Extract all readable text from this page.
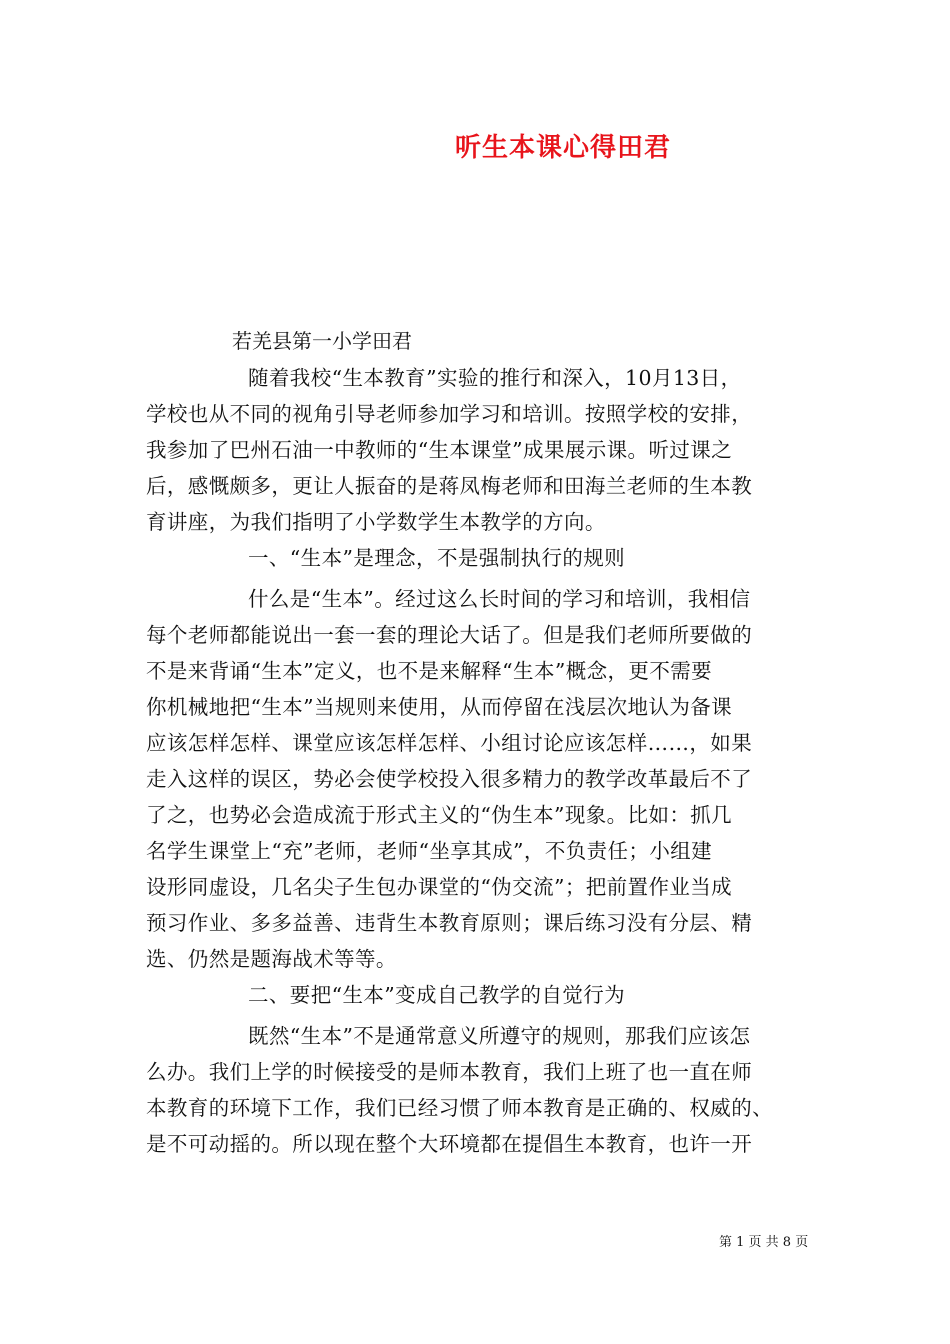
听生本课心得田君
若羌县第一小学田君
随着我校“生本教育”实验的推行和深入，10月13日，
学校也从不同的视角引导老师参加学习和培训。按照学校的安排，
我参加了巴州石油一中教师的“生本课堂”成果展示课。听过课之
后，感慨颇多，更让人振奋的是蒋凤梅老师和田海兰老师的生本教
育讲座，为我们指明了小学数学生本教学的方向。
一、“生本”是理念，不是强制执行的规则
什么是“生本”。经过这么长时间的学习和培训，我相信
每个老师都能说出一套一套的理论大话了。但是我们老师所要做的
不是来背诵“生本”定义，也不是来解释“生本”概念，更不需要
你机械地把“生本”当规则来使用，从而停留在浅层次地认为备课
应该怎样怎样、课堂应该怎样怎样、小组讨论应该怎样……，如果
走入这样的误区，势必会使学校投入很多精力的教学改革最后不了
了之，也势必会造成流于形式主义的“伪生本”现象。比如：抓几
名学生课堂上“充”老师，老师“坐享其成”，不负责任；小组建
设形同虚设，几名尖子生包办课堂的“伪交流”；把前置作业当成
预习作业、多多益善、违背生本教育原则；课后练习没有分层、精
选、仍然是题海战术等等。
二、要把“生本”变成自己教学的自觉行为
既然“生本”不是通常意义所遵守的规则，那我们应该怎
么办。我们上学的时候接受的是师本教育，我们上班了也一直在师
本教育的环境下工作，我们已经习惯了师本教育是正确的、权威的、
是不可动摇的。所以现在整个大环境都在提倡生本教育，也许一开
第 1 页 共 8 页
